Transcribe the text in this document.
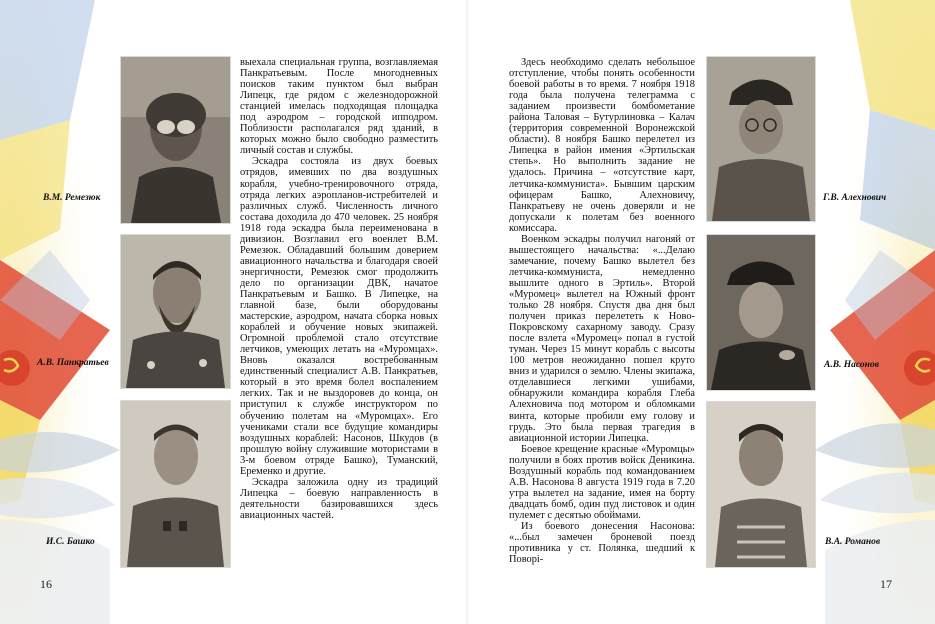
В.М. Ремезюк
А.В. Панкратьев
И.С. Башко

выехала специальная группа, возглавляемая Панкратьевым. После многодневных поисков таким пунктом был выбран Липецк, где рядом с железнодорожной станцией имелась подходящая площадка под аэродром – городской ипподром. Поблизости располагался ряд зданий, в которых можно было свободно разместить личный состав и службы.

Эскадра состояла из двух боевых отрядов, имевших по два воздушных корабля, учебно-тренировочного отряда, отряда легких аэропланов-истребителей и различных служб. Численность личного состава доходила до 470 человек. 25 ноября 1918 года эскадра была переименована в дивизион. Возглавил его военлет В.М. Ремезюк. Обладавший большим доверием авиационного начальства и благодаря своей энергичности, Ремезюк смог продолжить дело по организации ДВК, начатое Панкратьевым и Башко. В Липецке, на главной базе, были оборудованы мастерские, аэродром, начата сборка новых кораблей и обучение новых экипажей. Огромной проблемой стало отсутствие летчиков, умеющих летать на «Муромцах». Вновь оказался востребованным единственный специалист А.В. Панкратьев, который в это время болел воспалением легких. Так и не выздоровев до конца, он приступил к службе инструктором по обучению полетам на «Муромцах». Его учениками стали все будущие командиры воздушных кораблей: Насонов, Шкудов (в прошлую войну служившие мотористами в 3-м боевом отряде Башко), Туманский, Еременко и другие.

Эскадра заложила одну из традиций Липецка – боевую направленность в деятельности базировавшихся здесь авиационных частей.

16

Здесь необходимо сделать небольшое отступление, чтобы понять особенности боевой работы в то время. 7 ноября 1918 года была получена телеграмма с заданием произвести бомбометание района Таловая – Бутурлиновка – Калач (территория современной Воронежской области). 8 ноября Башко перелетел из Липецка в район имения «Эртильская степь». Но выполнить задание не удалось. Причина – «отсутствие карт, летчика-коммуниста». Бывшим царским офицерам Башко, Алехновичу, Панкратьеву не очень доверяли и не допускали к полетам без военного комиссара.

Военком эскадры получил нагоняй от вышестоящего начальства: «...Делаю замечание, почему Башко вылетел без летчика-коммуниста, немедленно вышлите одного в Эртиль». Второй «Муромец» вылетел на Южный фронт только 28 ноября. Спустя два дня был получен приказ перелететь к Ново-Покровскому сахарному заводу. Сразу после взлета «Муромец» попал в густой туман. Через 15 минут корабль с высоты 100 метров неожиданно пошел круто вниз и ударился о землю. Члены экипажа, отделавшиеся легкими ушибами, обнаружили командира корабля Глеба Алехновича под мотором и обломками винта, которые пробили ему голову и грудь. Это была первая трагедия в авиационной истории Липецка.

Боевое крещение красные «Муромцы» получили в боях против войск Деникина. Воздушный корабль под командованием А.В. Насонова 8 августа 1919 года в 7.20 утра вылетел на задание, имея на борту двадцать бомб, один пуд листовок и один пулемет с десятью обоймами.

Из боевого донесения Насонова: «...был замечен броневой поезд противника у ст. Полянка, шедший к Поворі-

Г.В. Алехнович
А.В. Насонов
В.А. Романов
17
